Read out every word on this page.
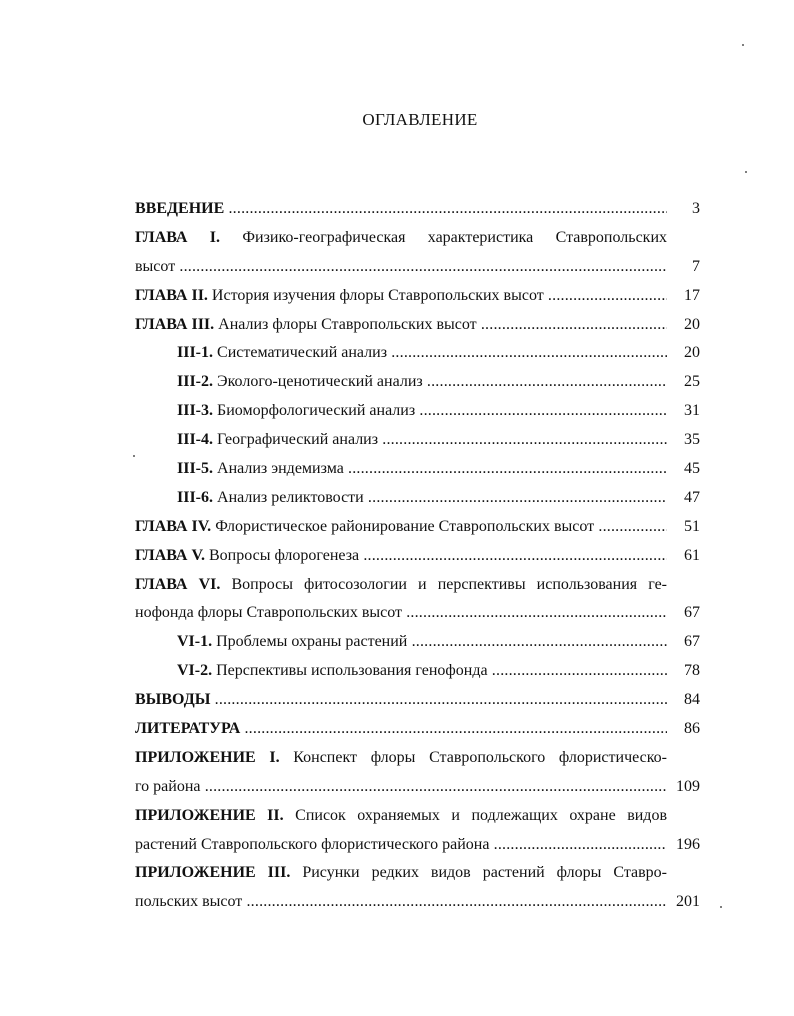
ОГЛАВЛЕНИЕ
ВВЕДЕНИЕ .....	3
ГЛАВА I. Физико-географическая характеристика Ставропольских
высот .....	7
ГЛАВА II. История изучения флоры Ставропольских высот .....	17
ГЛАВА III. Анализ флоры Ставропольских высот .....	20
III-1. Систематический анализ .....	20
III-2. Эколого-ценотический анализ .....	25
III-3. Биоморфологический анализ .....	31
III-4. Географический анализ .....	35
III-5. Анализ эндемизма .....	45
III-6. Анализ реликтовости .....	47
ГЛАВА IV. Флористическое районирование Ставропольских высот .....	51
ГЛАВА V. Вопросы флорогенеза .....	61
ГЛАВА VI. Вопросы фитосозологии и перспективы использования ге-
нофонда флоры Ставропольских высот .....	67
VI-1. Проблемы охраны растений .....	67
VI-2. Перспективы использования генофонда .....	78
ВЫВОДЫ .....	84
ЛИТЕРАТУРА .....	86
ПРИЛОЖЕНИЕ I. Конспект флоры Ставропольского флористическо-
го района .....	109
ПРИЛОЖЕНИЕ II. Список охраняемых и подлежащих охране видов
растений Ставропольского флористического района .....	196
ПРИЛОЖЕНИЕ III. Рисунки редких видов растений флоры Ставро-
польских высот .....	201
